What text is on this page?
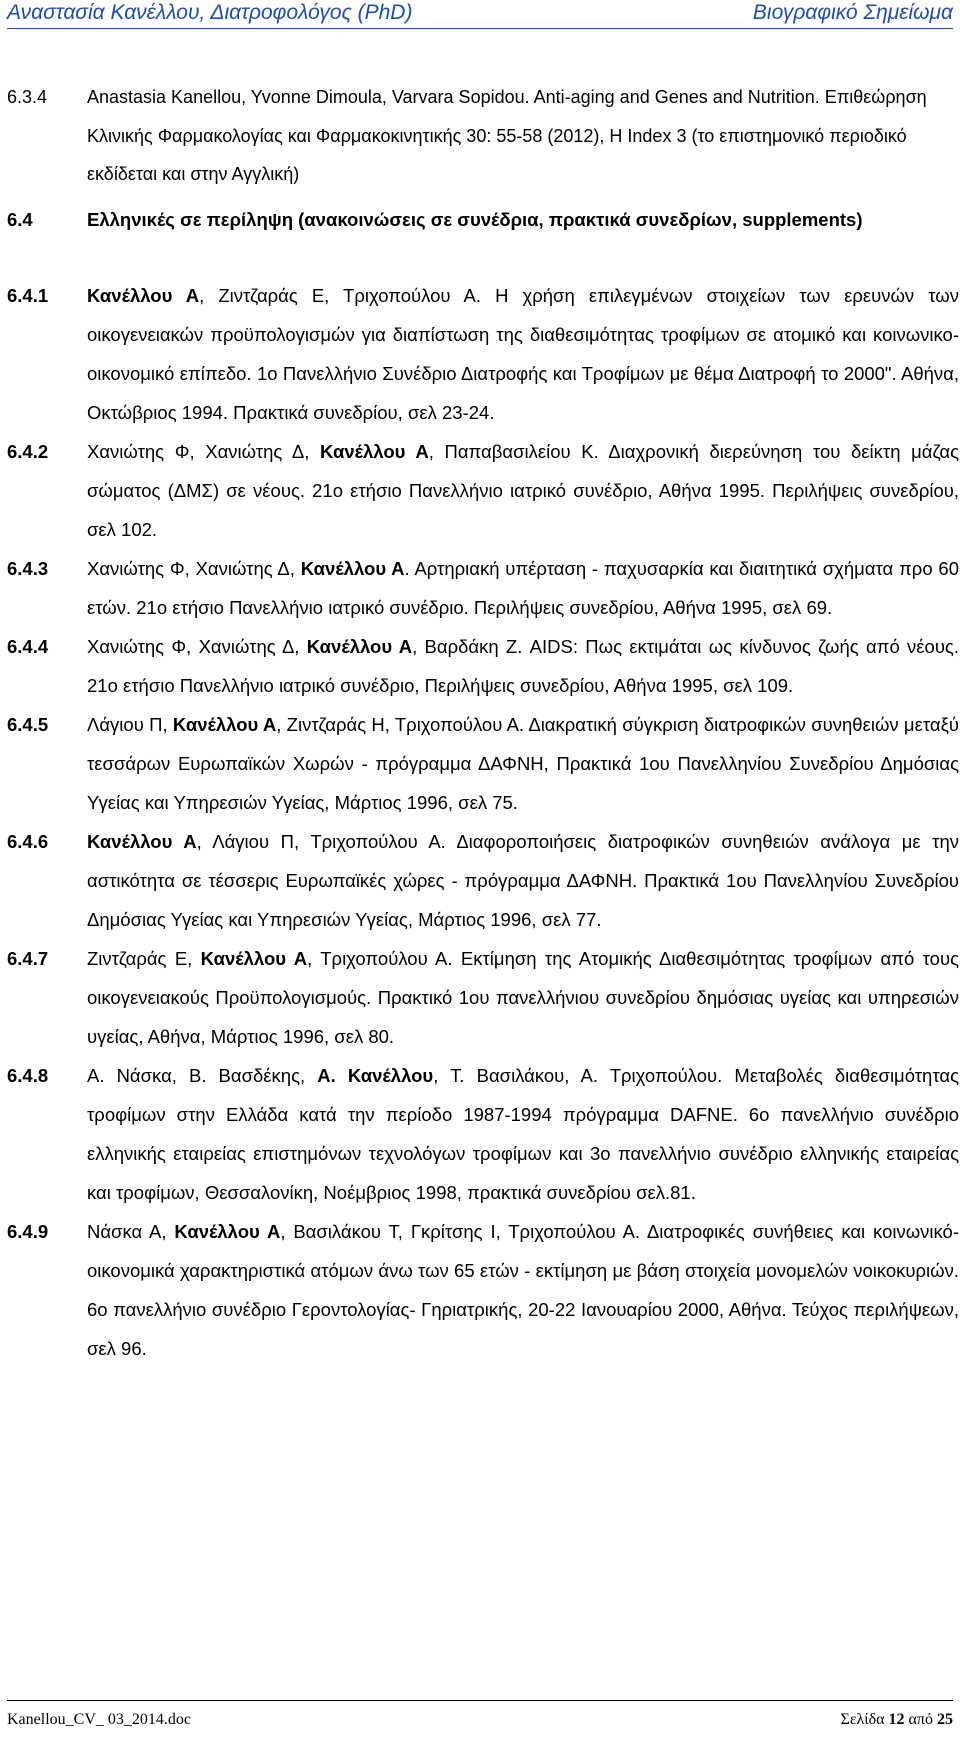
Αναστασία Κανέλλου, Διατροφολόγος (PhD)	Βιογραφικό Σημείωμα
6.3.4 Anastasia Kanellou, Yvonne Dimoula, Varvara Sopidou. Anti-aging and Genes and Nutrition. Επιθεώρηση Κλινικής Φαρμακολογίας και Φαρμακοκινητικής 30: 55-58 (2012), H Index 3 (το επιστημονικό περιοδικό εκδίδεται και στην Αγγλική)
6.4	Ελληνικές σε περίληψη (ανακοινώσεις σε συνέδρια, πρακτικά συνεδρίων, supplements)
6.4.1 Κανέλλου Α, Ζιντζαράς Ε, Τριχοπούλου Α. Η χρήση επιλεγμένων στοιχείων των ερευνών των οικογενειακών προϋπολογισμών για διαπίστωση της διαθεσιμότητας τροφίμων σε ατομικό και κοινωνικο-οικονομικό επίπεδο. 1ο Πανελλήνιο Συνέδριο Διατροφής και Τροφίμων με θέμα Διατροφή το 2000". Αθήνα, Οκτώβριος 1994. Πρακτικά συνεδρίου, σελ 23-24.
6.4.2 Χανιώτης Φ, Χανιώτης Δ, Κανέλλου Α, Παπαβασιλείου Κ. Διαχρονική διερεύνηση του δείκτη μάζας σώματος (ΔΜΣ) σε νέους. 21ο ετήσιο Πανελλήνιο ιατρικό συνέδριο, Αθήνα 1995. Περιλήψεις συνεδρίου, σελ 102.
6.4.3 Χανιώτης Φ, Χανιώτης Δ, Κανέλλου Α. Αρτηριακή υπέρταση - παχυσαρκία και διαιτητικά σχήματα προ 60 ετών. 21ο ετήσιο Πανελλήνιο ιατρικό συνέδριο. Περιλήψεις συνεδρίου, Αθήνα 1995, σελ 69.
6.4.4 Χανιώτης Φ, Χανιώτης Δ, Κανέλλου Α, Βαρδάκη Ζ. AIDS: Πως εκτιμάται ως κίνδυνος ζωής από νέους. 21ο ετήσιο Πανελλήνιο ιατρικό συνέδριο, Περιλήψεις συνεδρίου, Αθήνα 1995, σελ 109.
6.4.5 Λάγιου Π, Κανέλλου Α, Ζιντζαράς Η, Τριχοπούλου Α. Διακρατική σύγκριση διατροφικών συνηθειών μεταξύ τεσσάρων Ευρωπαϊκών Χωρών - πρόγραμμα ΔΑΦΝΗ, Πρακτικά 1ου Πανελληνίου Συνεδρίου Δημόσιας Υγείας και Υπηρεσιών Υγείας, Μάρτιος 1996, σελ 75.
6.4.6 Κανέλλου Α, Λάγιου Π, Τριχοπούλου Α. Διαφοροποιήσεις διατροφικών συνηθειών ανάλογα με την αστικότητα σε τέσσερις Ευρωπαϊκές χώρες - πρόγραμμα ΔΑΦΝΗ. Πρακτικά 1ου Πανελληνίου Συνεδρίου Δημόσιας Υγείας και Υπηρεσιών Υγείας, Μάρτιος 1996, σελ 77.
6.4.7 Ζιντζαράς Ε, Κανέλλου Α, Τριχοπούλου Α. Εκτίμηση της Ατομικής Διαθεσιμότητας τροφίμων από τους οικογενειακούς Προϋπολογισμούς. Πρακτικό 1ου πανελλήνιου συνεδρίου δημόσιας υγείας και υπηρεσιών υγείας, Αθήνα, Μάρτιος 1996, σελ 80.
6.4.8 Α. Νάσκα, Β. Βασδέκης, Α. Κανέλλου, Τ. Βασιλάκου, Α. Τριχοπούλου. Μεταβολές διαθεσιμότητας τροφίμων στην Ελλάδα κατά την περίοδο 1987-1994 πρόγραμμα DAFNE. 6ο πανελλήνιο συνέδριο ελληνικής εταιρείας επιστημόνων τεχνολόγων τροφίμων και 3ο πανελλήνιο συνέδριο ελληνικής εταιρείας και τροφίμων, Θεσσαλονίκη, Νοέμβριος 1998, πρακτικά συνεδρίου σελ.81.
6.4.9 Νάσκα Α, Κανέλλου Α, Βασιλάκου Τ, Γκρίτσης Ι, Τριχοπούλου Α. Διατροφικές συνήθειες και κοινωνικό-οικονομικά χαρακτηριστικά ατόμων άνω των 65 ετών - εκτίμηση με βάση στοιχεία μονομελών νοικοκυριών. 6ο πανελλήνιο συνέδριο Γεροντολογίας- Γηριατρικής, 20-22 Ιανουαρίου 2000, Αθήνα. Τεύχος περιλήψεων, σελ 96.
Kanellou_CV_ 03_2014.doc	Σελίδα 12 από 25
